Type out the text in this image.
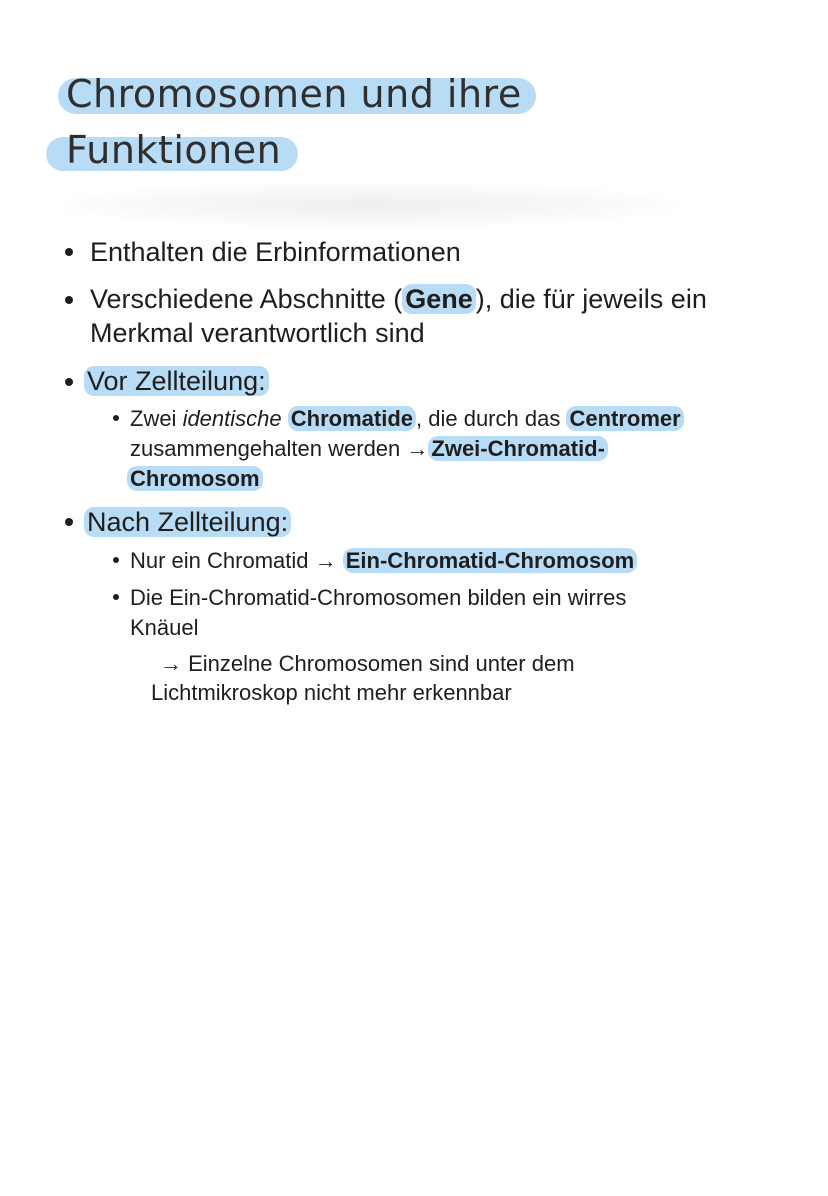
Chromosomen und ihre
Funktionen
Enthalten die Erbinformationen
Verschiedene Abschnitte ( Gene ), die für jeweils ein
Merkmal verantwortlich sind
Vor Zellteilung:
Zwei identische Chromatide , die durch das Centromer
zusammengehalten werden → Zwei-Chromatid-
Chromosom
Nach Zellteilung:
Nur ein Chromatid → Ein-Chromatid-Chromosom
Die Ein-Chromatid-Chromosomen bilden ein wirres
Knäuel
→ Einzelne Chromosomen sind unter dem
Lichtmikroskop nicht mehr erkennbar
